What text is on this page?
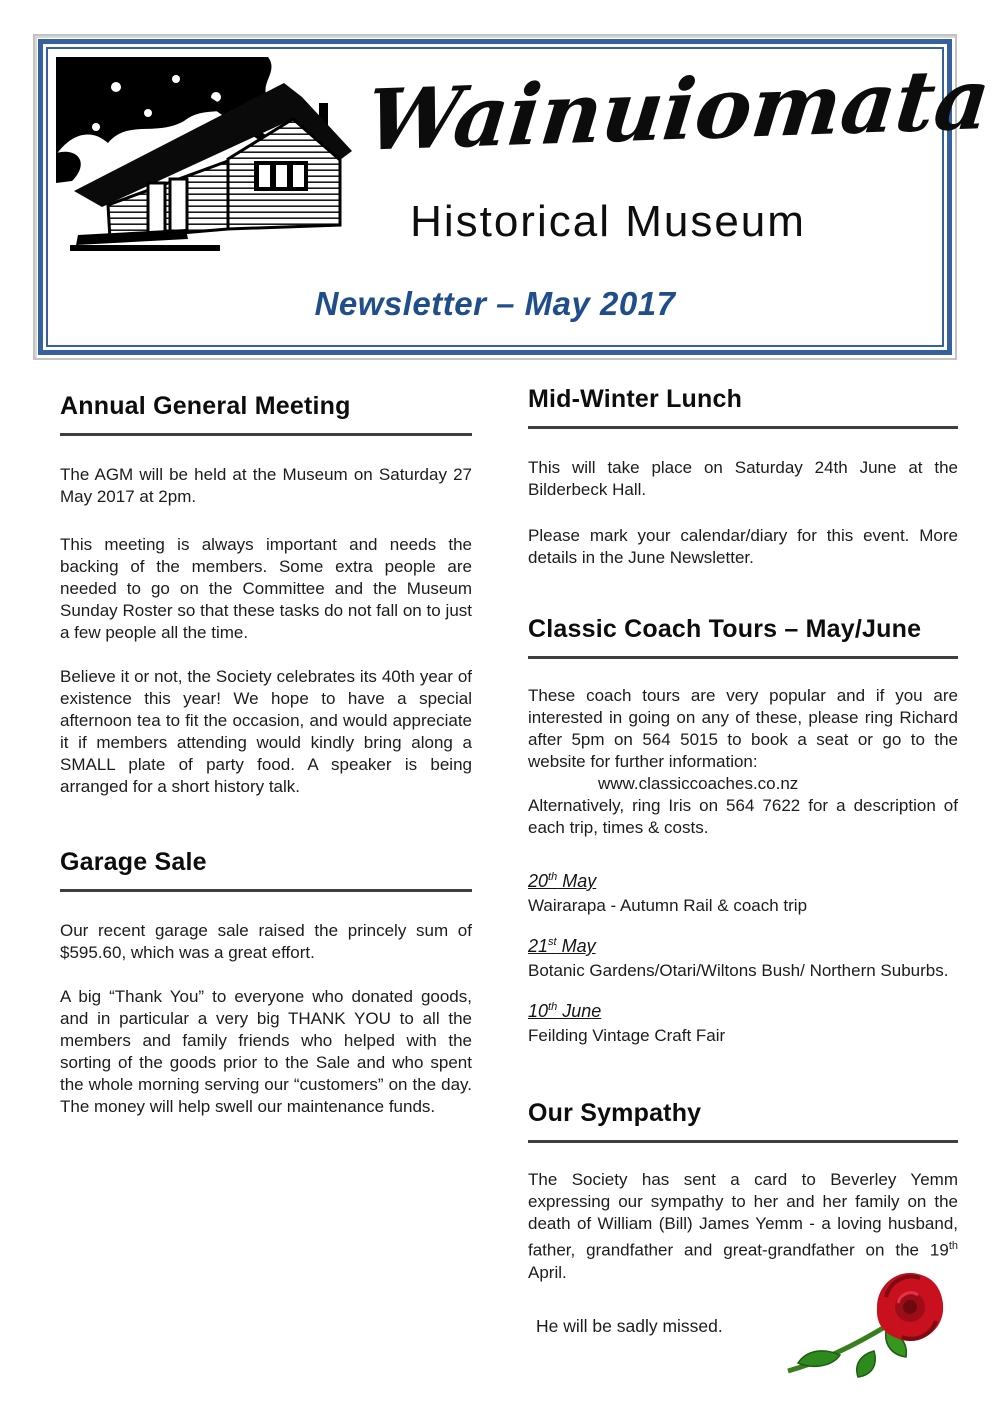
Wainuiomata
Historical Museum
Newsletter – May 2017
Annual General Meeting

The AGM will be held at the Museum on Saturday 27 May 2017 at 2pm.

This meeting is always important and needs the backing of the members. Some extra people are needed to go on the Committee and the Museum Sunday Roster so that these tasks do not fall on to just a few people all the time.

Believe it or not, the Society celebrates its 40th year of existence this year! We hope to have a special afternoon tea to fit the occasion, and would appreciate it if members attending would kindly bring along a SMALL plate of party food. A speaker is being arranged for a short history talk.

Garage Sale

Our recent garage sale raised the princely sum of $595.60, which was a great effort.

A big “Thank You” to everyone who donated goods, and in particular a very big THANK YOU to all the members and family friends who helped with the sorting of the goods prior to the Sale and who spent the whole morning serving our “customers” on the day. The money will help swell our maintenance funds.

Mid-Winter Lunch

This will take place on Saturday 24th June at the Bilderbeck Hall.

Please mark your calendar/diary for this event. More details in the June Newsletter.

Classic Coach Tours – May/June

These coach tours are very popular and if you are interested in going on any of these, please ring Richard after 5pm on 564 5015 to book a seat or go to the website for further information:

www.classiccoaches.co.nz

Alternatively, ring Iris on 564 7622 for a description of each trip, times & costs.

20th May
Wairarapa - Autumn Rail & coach trip
21st May
Botanic Gardens/Otari/Wiltons Bush/ Northern Suburbs.
10th June
Feilding Vintage Craft Fair
Our Sympathy

The Society has sent a card to Beverley Yemm expressing our sympathy to her and her family on the death of William (Bill) James Yemm - a loving husband, father, grandfather and great-grandfather on the 19th April.

He will be sadly missed.
